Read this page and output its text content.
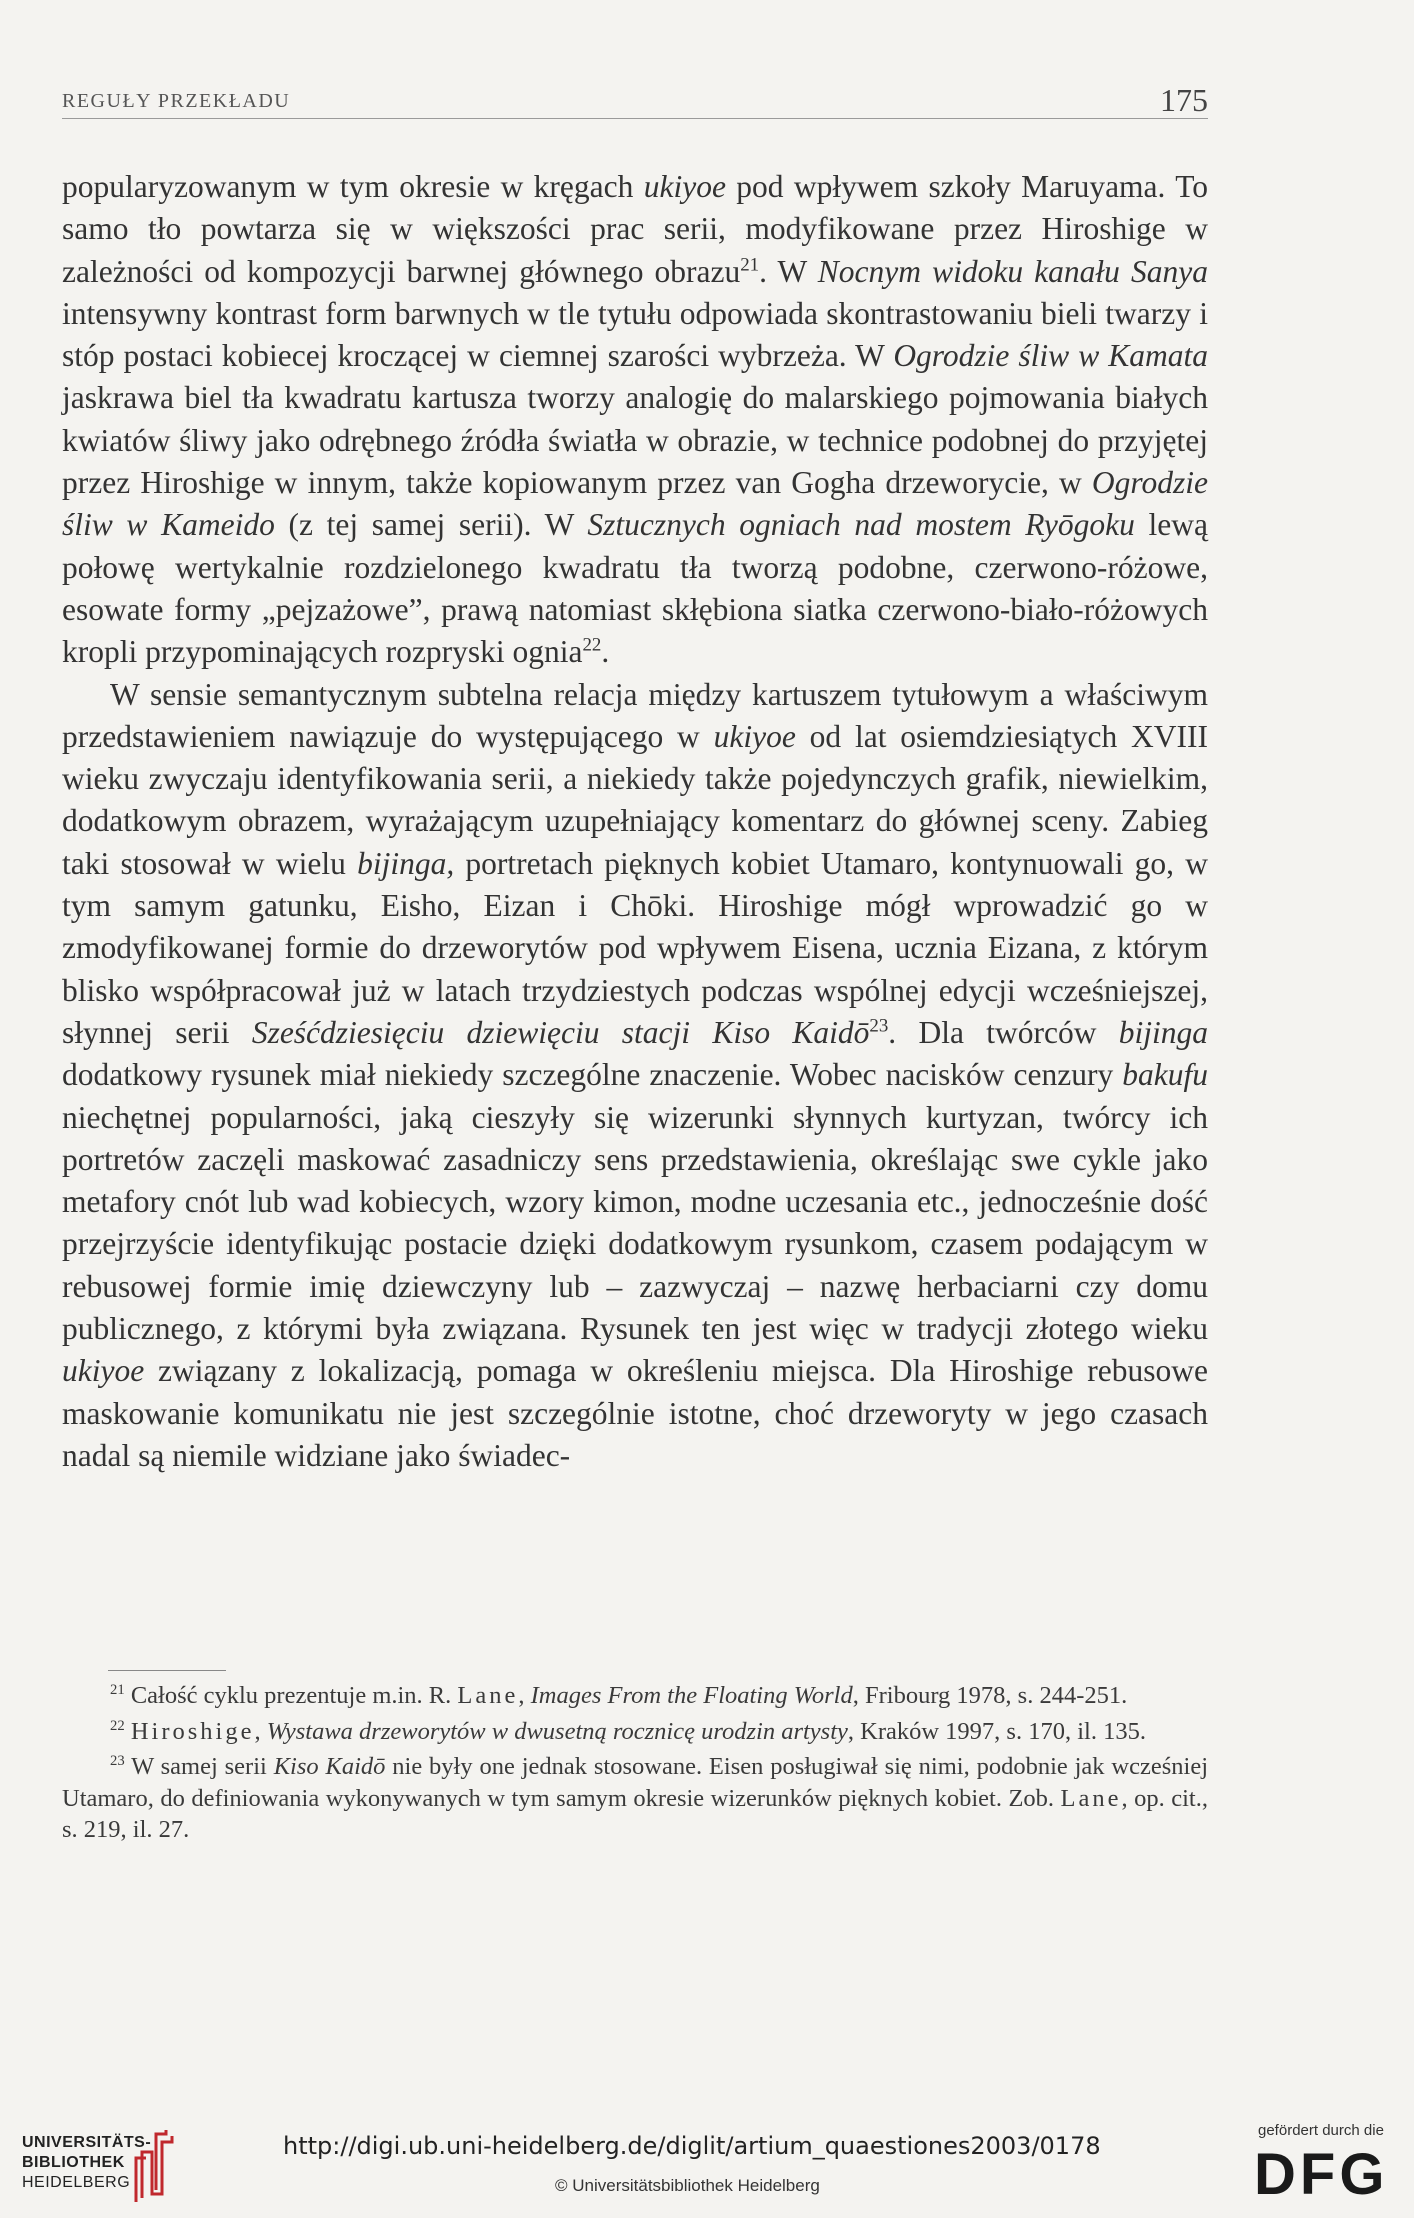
REGUŁY PRZEKŁADU	175

popularyzowanym w tym okresie w kręgach ukiyoe pod wpływem szkoły Maruyama. To samo tło powtarza się w większości prac serii, modyfikowane przez Hiroshige w zależności od kompozycji barwnej głównego obrazu$^{21}$. W Nocnym widoku kanału Sanya intensywny kontrast form barwnych w tle tytułu odpowiada skontrastowaniu bieli twarzy i stóp postaci kobiecej kroczącej w ciemnej szarości wybrzeża. W Ogrodzie śliw w Kamata jaskrawa biel tła kwadratu kartusza tworzy analogię do malarskiego pojmowania białych kwiatów śliwy jako odrębnego źródła światła w obrazie, w technice podobnej do przyjętej przez Hiroshige w innym, także kopiowanym przez van Gogha drzeworycie, w Ogrodzie śliw w Kameido (z tej samej serii). W Sztucznych ogniach nad mostem Ryōgoku lewą połowę wertykalnie rozdzielonego kwadratu tła tworzą podobne, czerwono-różowe, esowate formy „pejzażowe”, prawą natomiast skłębiona siatka czerwono-biało-różowych kropli przypominających rozpryski ognia$^{22}$.

W sensie semantycznym subtelna relacja między kartuszem tytułowym a właściwym przedstawieniem nawiązuje do występującego w ukiyoe od lat osiemdziesiątych XVIII wieku zwyczaju identyfikowania serii, a niekiedy także pojedynczych grafik, niewielkim, dodatkowym obrazem, wyrażającym uzupełniający komentarz do głównej sceny. Zabieg taki stosował w wielu bijinga, portretach pięknych kobiet Utamaro, kontynuowali go, w tym samym gatunku, Eisho, Eizan i Chōki. Hiroshige mógł wprowadzić go w zmodyfikowanej formie do drzeworytów pod wpływem Eisena, ucznia Eizana, z którym blisko współpracował już w latach trzydziestych podczas wspólnej edycji wcześniejszej, słynnej serii Sześćdziesięciu dziewięciu stacji Kiso Kaidō$^{23}$. Dla twórców bijinga dodatkowy rysunek miał niekiedy szczególne znaczenie. Wobec nacisków cenzury bakufu niechętnej popularności, jaką cieszyły się wizerunki słynnych kurtyzan, twórcy ich portretów zaczęli maskować zasadniczy sens przedstawienia, określając swe cykle jako metafory cnót lub wad kobiecych, wzory kimon, modne uczesania etc., jednocześnie dość przejrzyście identyfikując postacie dzięki dodatkowym rysunkom, czasem podającym w rebusowej formie imię dziewczyny lub – zazwyczaj – nazwę herbaciarni czy domu publicznego, z którymi była związana. Rysunek ten jest więc w tradycji złotego wieku ukiyoe związany z lokalizacją, pomaga w określeniu miejsca. Dla Hiroshige rebusowe maskowanie komunikatu nie jest szczególnie istotne, choć drzeworyty w jego czasach nadal są niemile widziane jako świadec-

$^{21}$ Całość cyklu prezentuje m.in. R. Lane, Images From the Floating World, Fribourg 1978, s. 244-251.

$^{22}$ Hiroshige, Wystawa drzeworytów w dwusetną rocznicę urodzin artysty, Kraków 1997, s. 170, il. 135.

$^{23}$ W samej serii Kiso Kaidō nie były one jednak stosowane. Eisen posługiwał się nimi, podobnie jak wcześniej Utamaro, do definiowania wykonywanych w tym samym okresie wizerunków pięknych kobiet. Zob. Lane, op. cit., s. 219, il. 27.

UNIVERSITÄTS-
BIBLIOTHEK
HEIDELBERG
http://digi.ub.uni-heidelberg.de/diglit/artium_quaestiones2003/0178
© Universitätsbibliothek Heidelberg
gefördert durch die
DFG
